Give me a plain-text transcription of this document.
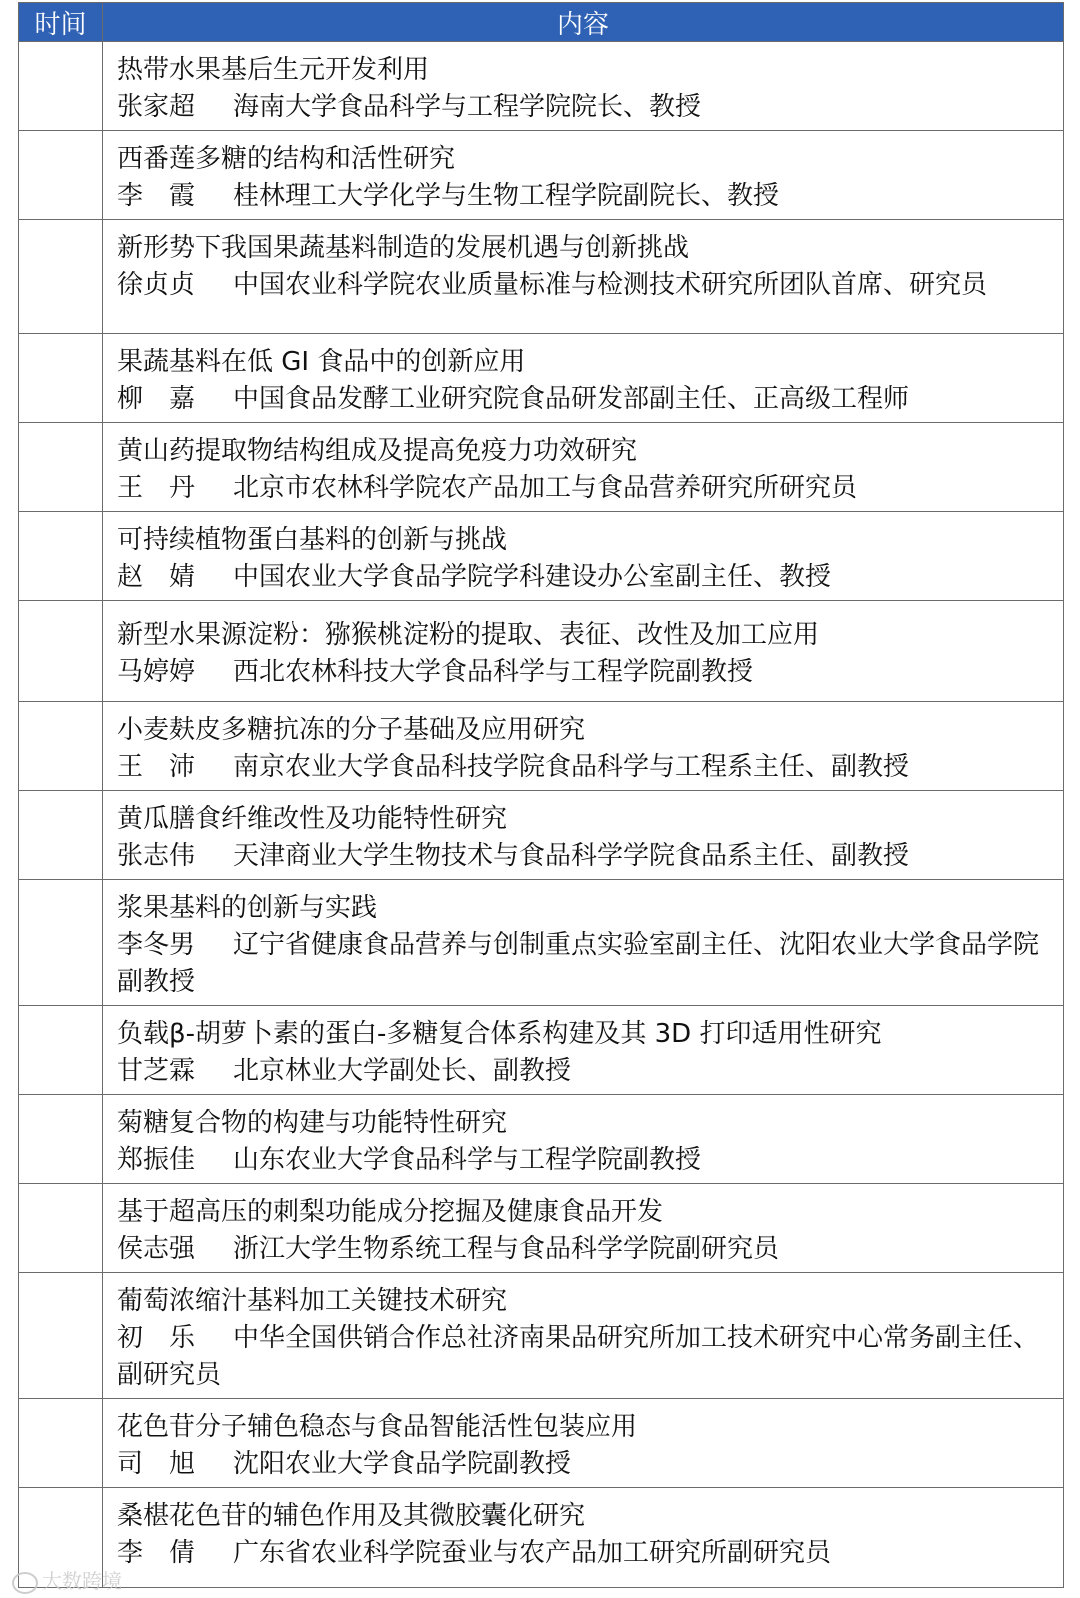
时间	内容

	热带水果基后生元开发利用
张家超 海南大学食品科学与工程学院院长、教授

	西番莲多糖的结构和活性研究
李　霞 桂林理工大学化学与生物工程学院副院长、教授

	新形势下我国果蔬基料制造的发展机遇与创新挑战
徐贞贞 中国农业科学院农业质量标准与检测技术研究所团队首席、研究员

	果蔬基料在低 GI 食品中的创新应用
柳　嘉 中国食品发酵工业研究院食品研发部副主任、正高级工程师

	黄山药提取物结构组成及提高免疫力功效研究
王　丹 北京市农林科学院农产品加工与食品营养研究所研究员

	可持续植物蛋白基料的创新与挑战
赵　婧 中国农业大学食品学院学科建设办公室副主任、教授

	新型水果源淀粉：猕猴桃淀粉的提取、表征、改性及加工应用
马婷婷 西北农林科技大学食品科学与工程学院副教授

	小麦麸皮多糖抗冻的分子基础及应用研究
王　沛 南京农业大学食品科技学院食品科学与工程系主任、副教授

	黄瓜膳食纤维改性及功能特性研究
张志伟 天津商业大学生物技术与食品科学学院食品系主任、副教授

	浆果基料的创新与实践
李冬男 辽宁省健康食品营养与创制重点实验室副主任、沈阳农业大学食品学院副教授

	负载β-胡萝卜素的蛋白-多糖复合体系构建及其 3D 打印适用性研究
甘芝霖 北京林业大学副处长、副教授

	菊糖复合物的构建与功能特性研究
郑振佳 山东农业大学食品科学与工程学院副教授

	基于超高压的刺梨功能成分挖掘及健康食品开发
侯志强 浙江大学生物系统工程与食品科学学院副研究员

	葡萄浓缩汁基料加工关键技术研究
初　乐 中华全国供销合作总社济南果品研究所加工技术研究中心常务副主任、副研究员

	花色苷分子辅色稳态与食品智能活性包装应用
司　旭 沈阳农业大学食品学院副教授

	桑椹花色苷的辅色作用及其微胶囊化研究
李　倩 广东省农业科学院蚕业与农产品加工研究所副研究员
大数跨境
